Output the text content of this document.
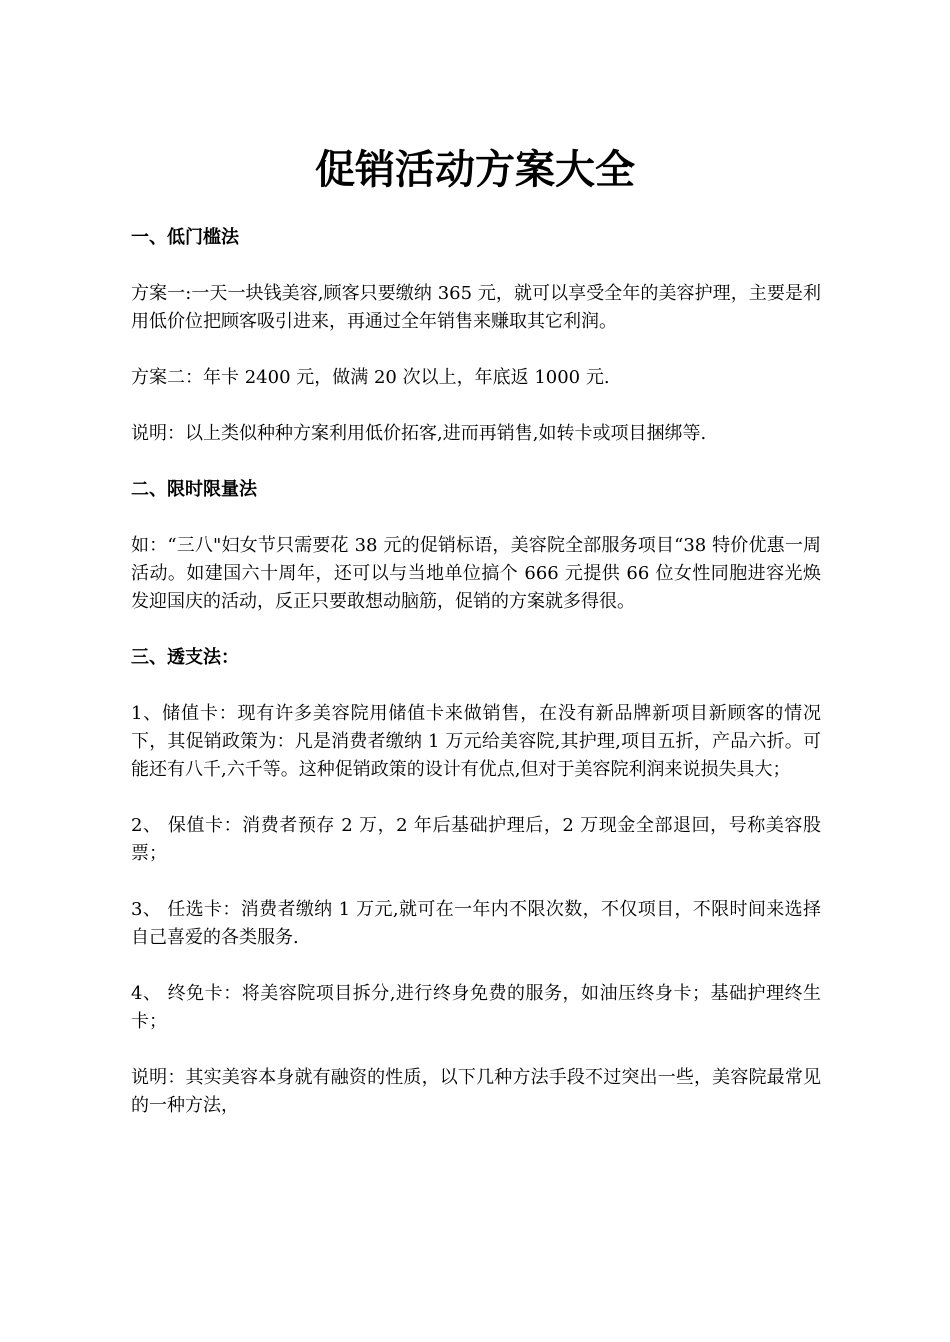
促销活动方案大全

一、低门槛法

方案一:一天一块钱美容,顾客只要缴纳 365 元，就可以享受全年的美容护理，主要是利用低价位把顾客吸引进来，再通过全年销售来赚取其它利润。

方案二：年卡 2400 元，做满 20 次以上，年底返 1000 元.

说明：以上类似种种方案利用低价拓客,进而再销售,如转卡或项目捆绑等.

二、限时限量法

如：“三八"妇女节只需要花 38 元的促销标语，美容院全部服务项目“38 特价优惠一周活动。如建国六十周年，还可以与当地单位搞个 666 元提供 66 位女性同胞进容光焕发迎国庆的活动，反正只要敢想动脑筋，促销的方案就多得很。

三、透支法：

1、储值卡：现有许多美容院用储值卡来做销售，在没有新品牌新项目新顾客的情况下，其促销政策为：凡是消费者缴纳 1 万元给美容院,其护理,项目五折，产品六折。可能还有八千,六千等。这种促销政策的设计有优点,但对于美容院利润来说损失具大；

2、 保值卡：消费者预存 2 万，2 年后基础护理后，2 万现金全部退回，号称美容股票；

3、 任选卡：消费者缴纳 1 万元,就可在一年内不限次数，不仅项目，不限时间来选择自己喜爱的各类服务.

4、 终免卡：将美容院项目拆分,进行终身免费的服务，如油压终身卡；基础护理终生卡；

说明：其实美容本身就有融资的性质，以下几种方法手段不过突出一些，美容院最常见的一种方法，
